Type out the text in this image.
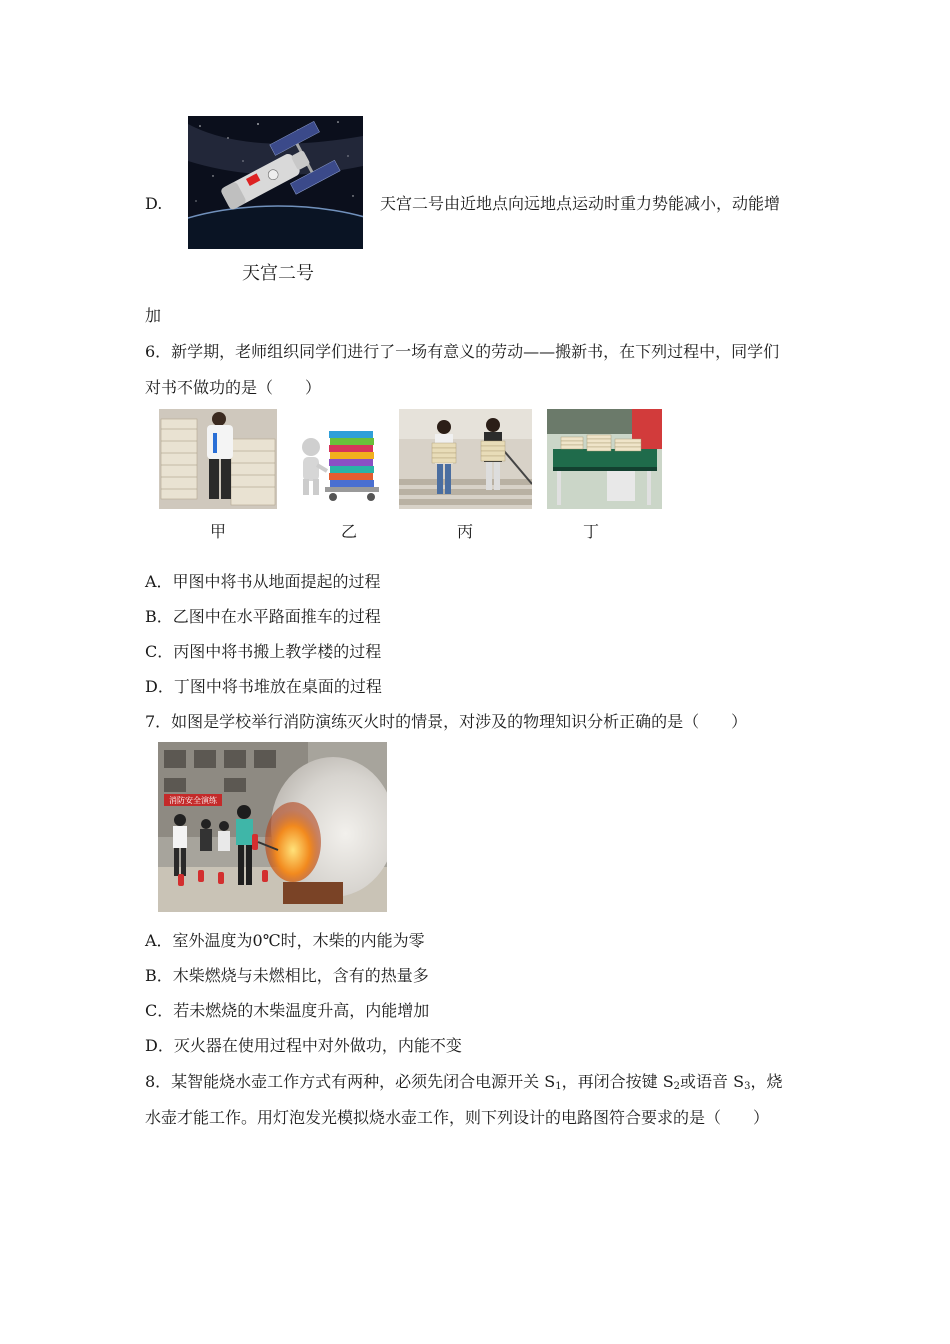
D.	天宫二号由近地点向远地点运动时重力势能减小，动能增
天宫二号
加
6．新学期，老师组织同学们进行了一场有意义的劳动——搬新书，在下列过程中，同学们
对书不做功的是（　　）
甲	乙	丙	丁
A．甲图中将书从地面提起的过程
B．乙图中在水平路面推车的过程
C．丙图中将书搬上教学楼的过程
D．丁图中将书堆放在桌面的过程
7．如图是学校举行消防演练灭火时的情景，对涉及的物理知识分析正确的是（　　）
消防安全演练
A．室外温度为0℃时，木柴的内能为零
B．木柴燃烧与未燃相比，含有的热量多
C．若未燃烧的木柴温度升高，内能增加
D．灭火器在使用过程中对外做功，内能不变
8．某智能烧水壶工作方式有两种，必须先闭合电源开关 $S_1$，再闭合按键 $S_2$或语音 $S_3$，烧
水壶才能工作。用灯泡发光模拟烧水壶工作，则下列设计的电路图符合要求的是（　　）
